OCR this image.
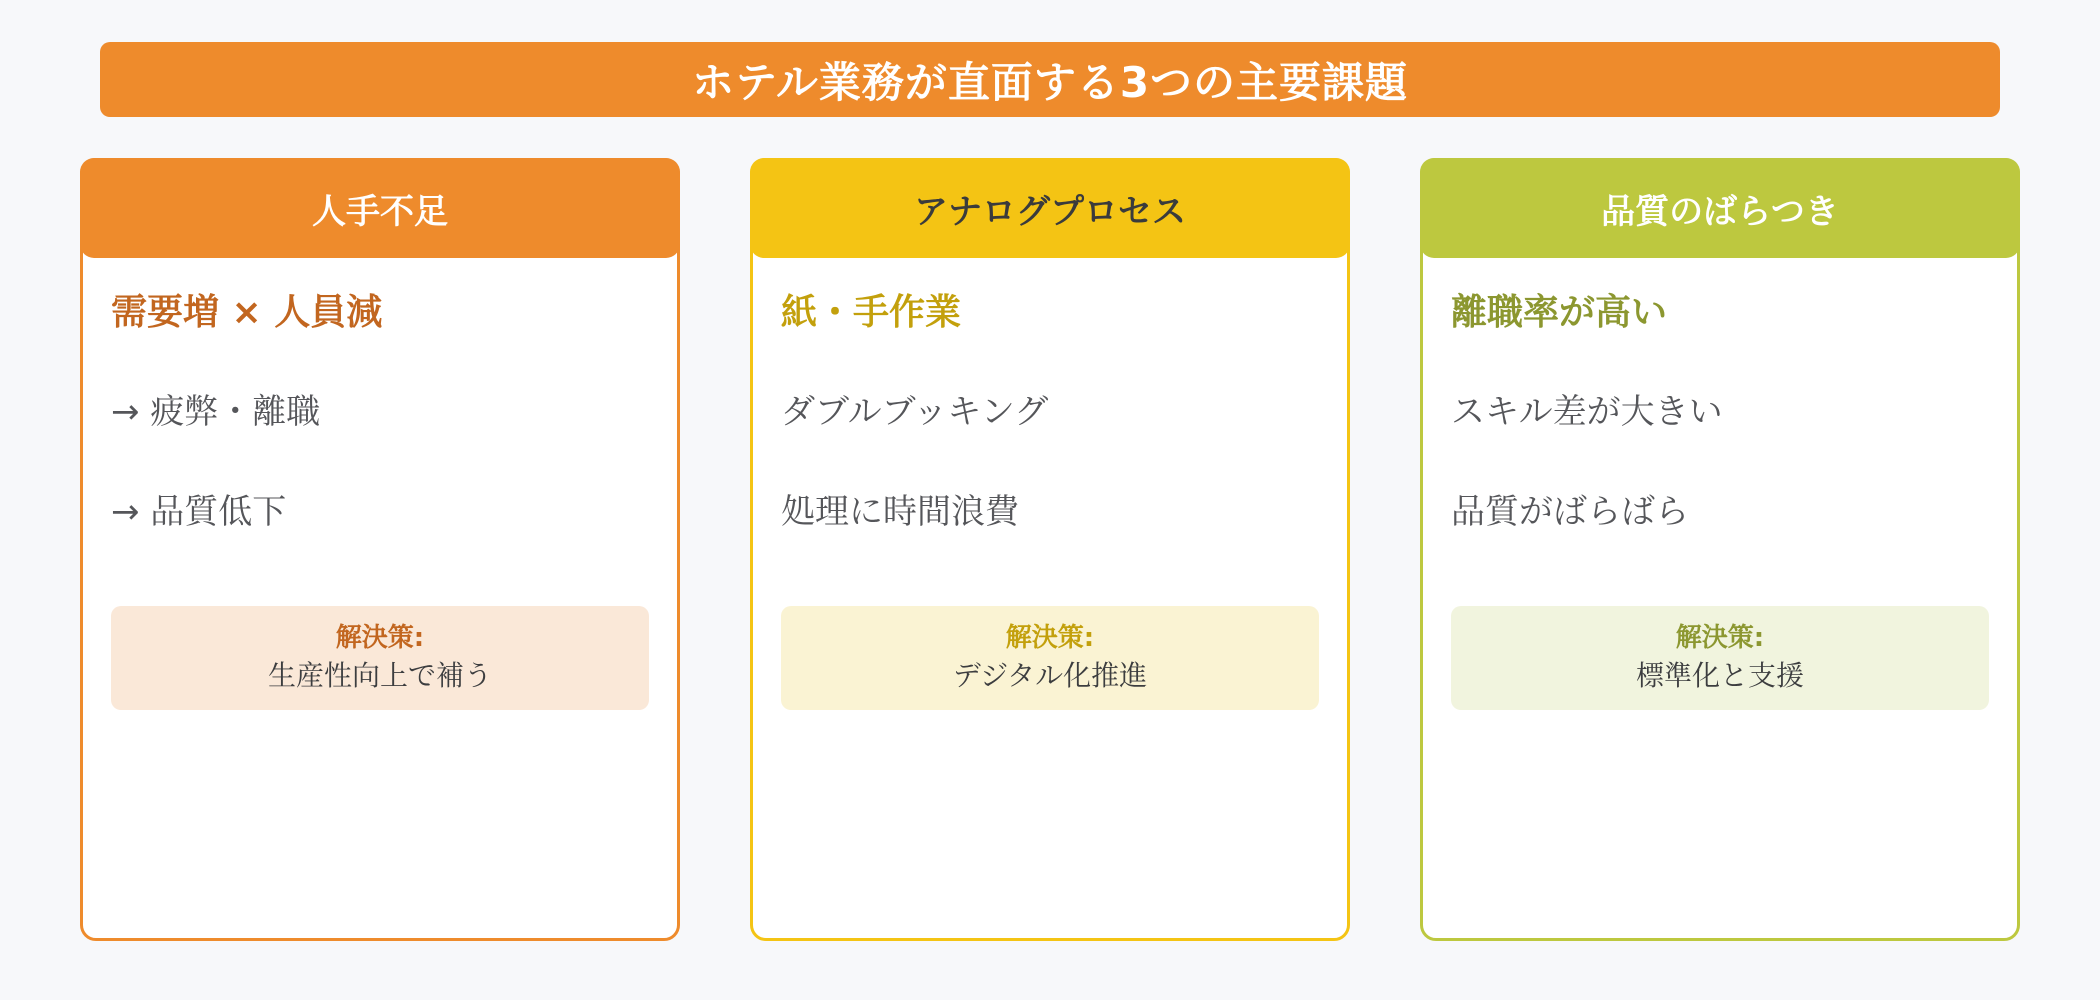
ホテル業務が直面する3つの主要課題
人手不足
需要増 × 人員減
→ 疲弊・離職
→ 品質低下
解決策:
生産性向上で補う
アナログプロセス
紙・手作業
ダブルブッキング
処理に時間浪費
解決策:
デジタル化推進
品質のばらつき
離職率が高い
スキル差が大きい
品質がばらばら
解決策:
標準化と支援
